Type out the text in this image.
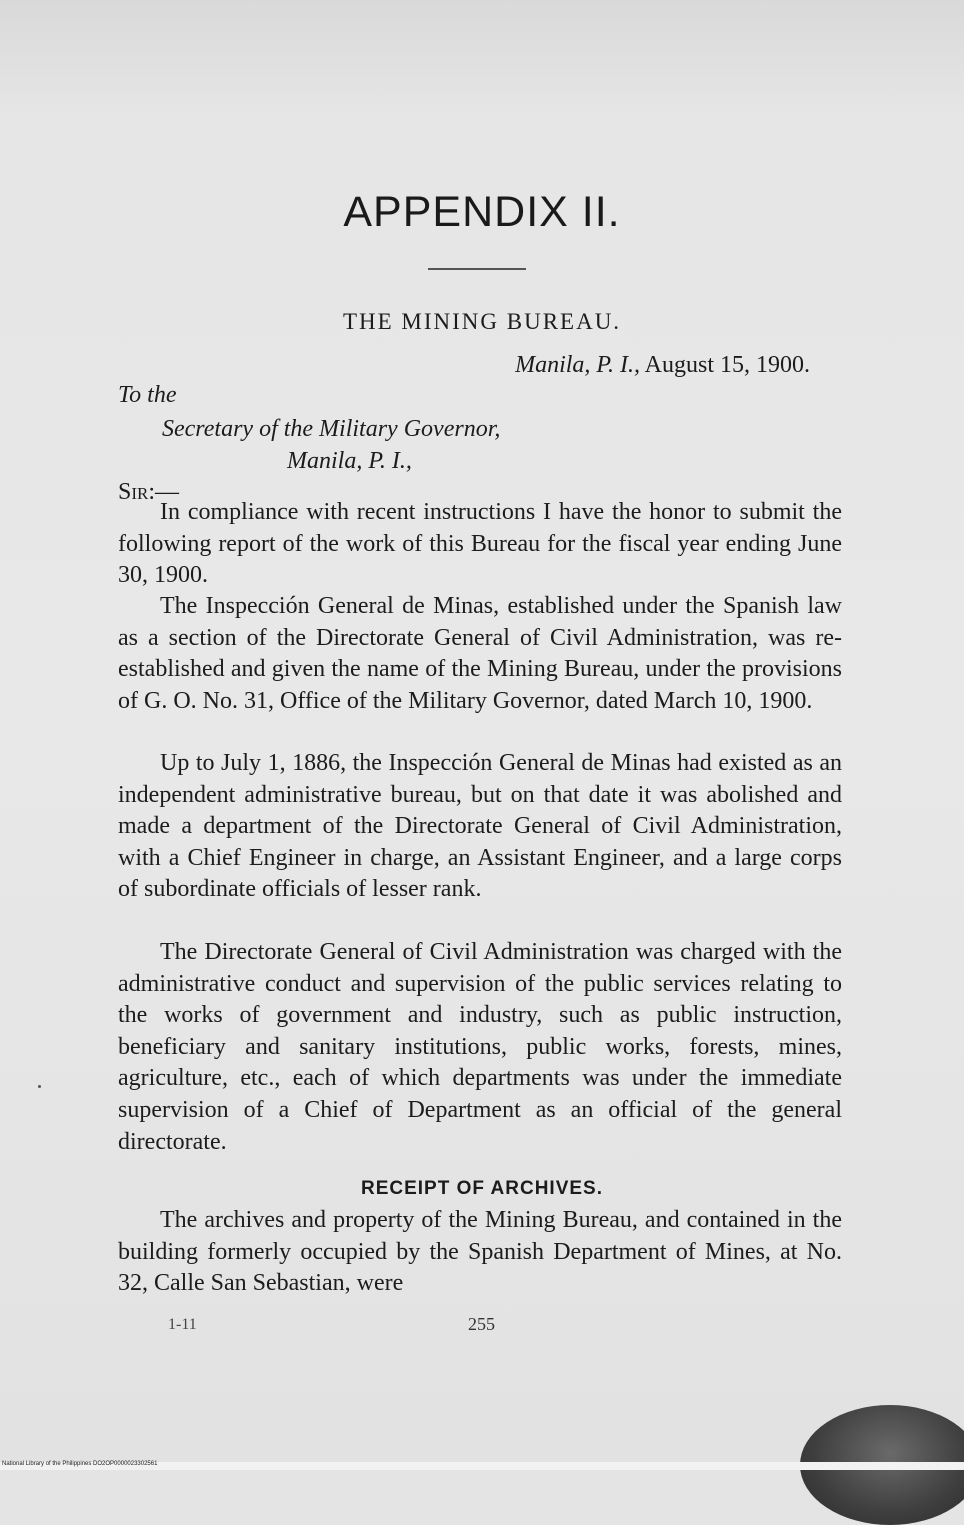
APPENDIX II.
THE MINING BUREAU.
Manila, P. I., August 15, 1900.
To the
Secretary of the Military Governor,
Manila, P. I.,
Sir:—
In compliance with recent instructions I have the honor to submit the following report of the work of this Bureau for the fiscal year ending June 30, 1900.
The Inspección General de Minas, established under the Spanish law as a section of the Directorate General of Civil Administration, was re-established and given the name of the Mining Bureau, under the provisions of G. O. No. 31, Office of the Military Governor, dated March 10, 1900.
Up to July 1, 1886, the Inspección General de Minas had existed as an independent administrative bureau, but on that date it was abolished and made a department of the Directorate General of Civil Administration, with a Chief Engineer in charge, an Assistant Engineer, and a large corps of subordinate officials of lesser rank.
The Directorate General of Civil Administration was charged with the administrative conduct and supervision of the public services relating to the works of government and industry, such as public instruction, beneficiary and sanitary institutions, public works, forests, mines, agriculture, etc., each of which departments was under the immediate supervision of a Chief of Department as an official of the general directorate.
RECEIPT OF ARCHIVES.
The archives and property of the Mining Bureau, and contained in the building formerly occupied by the Spanish Department of Mines, at No. 32, Calle San Sebastian, were
1-11	255
National Library of the Philippines DO2OP0000023302561
